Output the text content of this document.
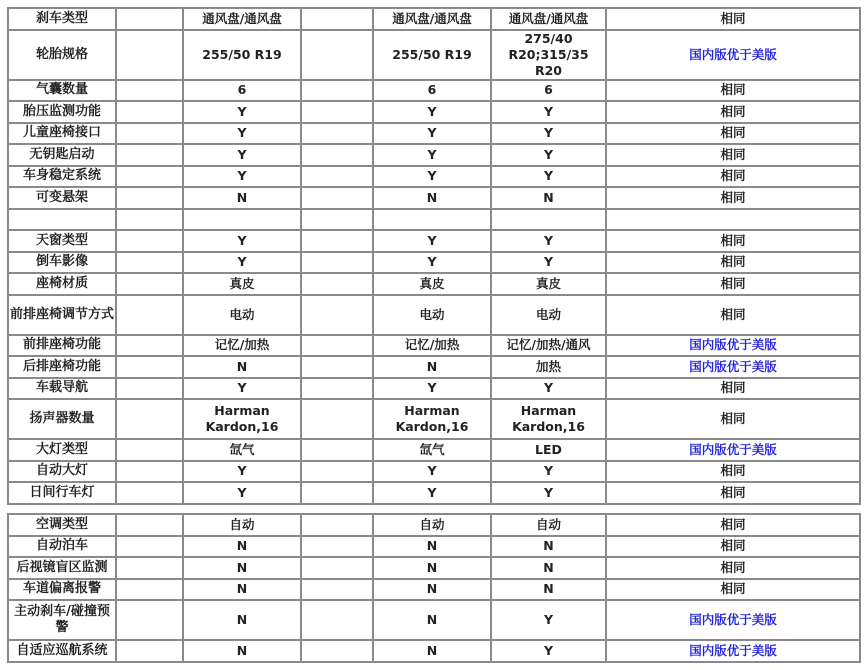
刹车类型		通风盘/通风盘		通风盘/通风盘	通风盘/通风盘	相同
轮胎规格		255/50 R19		255/50 R19	275/40 R20;315/35 R20	国内版优于美版
气囊数量		6		6	6	相同
胎压监测功能		Y		Y	Y	相同
儿童座椅接口		Y		Y	Y	相同
无钥匙启动		Y		Y	Y	相同
车身稳定系统		Y		Y	Y	相同
可变悬架		N		N	N	相同

天窗类型		Y		Y	Y	相同
倒车影像		Y		Y	Y	相同
座椅材质		真皮		真皮	真皮	相同
前排座椅调节方式		电动		电动	电动	相同
前排座椅功能		记忆/加热		记忆/加热	记忆/加热/通风	国内版优于美版
后排座椅功能		N		N	加热	国内版优于美版
车载导航		Y		Y	Y	相同
扬声器数量		Harman Kardon,16		Harman Kardon,16	Harman Kardon,16	相同
大灯类型		氙气		氙气	LED	国内版优于美版
自动大灯		Y		Y	Y	相同
日间行车灯		Y		Y	Y	相同
空调类型		自动		自动	自动	相同
自动泊车		N		N	N	相同
后视镜盲区监测		N		N	N	相同
车道偏离报警		N		N	N	相同
主动刹车/碰撞预警		N		N	Y	国内版优于美版
自适应巡航系统		N		N	Y	国内版优于美版
